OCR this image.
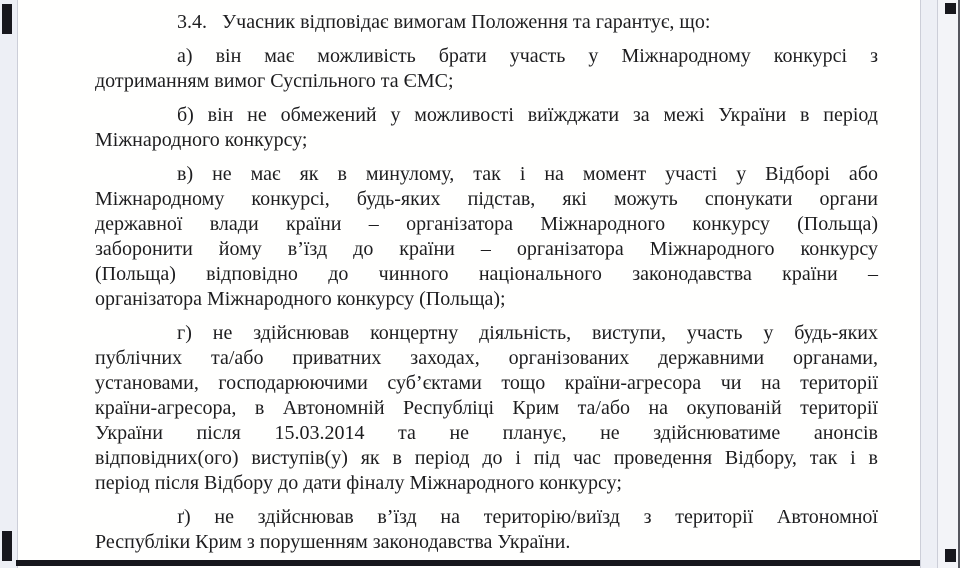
3.4.  Учасник відповідає вимогам Положення та гарантує, що:
а) він має можливість брати участь у Міжнародному конкурсі з
дотриманням вимог Суспільного та ЄМС;
б) він не обмежений у можливості виїжджати за межі України в період
Міжнародного конкурсу;
в) не має як в минулому, так і на момент участі у Відборі або
Міжнародному конкурсі, будь-яких підстав, які можуть спонукати органи
державної влади країни – організатора Міжнародного конкурсу (Польща)
заборонити йому в’їзд до країни – організатора Міжнародного конкурсу
(Польща) відповідно до чинного національного законодавства країни –
організатора Міжнародного конкурсу (Польща);
г) не здійснював концертну діяльність, виступи, участь у будь-яких
публічних та/або приватних заходах, організованих державними органами,
установами, господарюючими суб’єктами тощо країни-агресора чи на території
країни-агресора, в Автономній Республіці Крим та/або на окупованій території
України після 15.03.2014 та не планує, не здійснюватиме анонсів
відповідних(ого) виступів(у) як в період до і під час проведення Відбору, так і в
період після Відбору до дати фіналу Міжнародного конкурсу;
ґ) не здійснював в’їзд на територію/виїзд з території Автономної
Республіки Крим з порушенням законодавства України.
